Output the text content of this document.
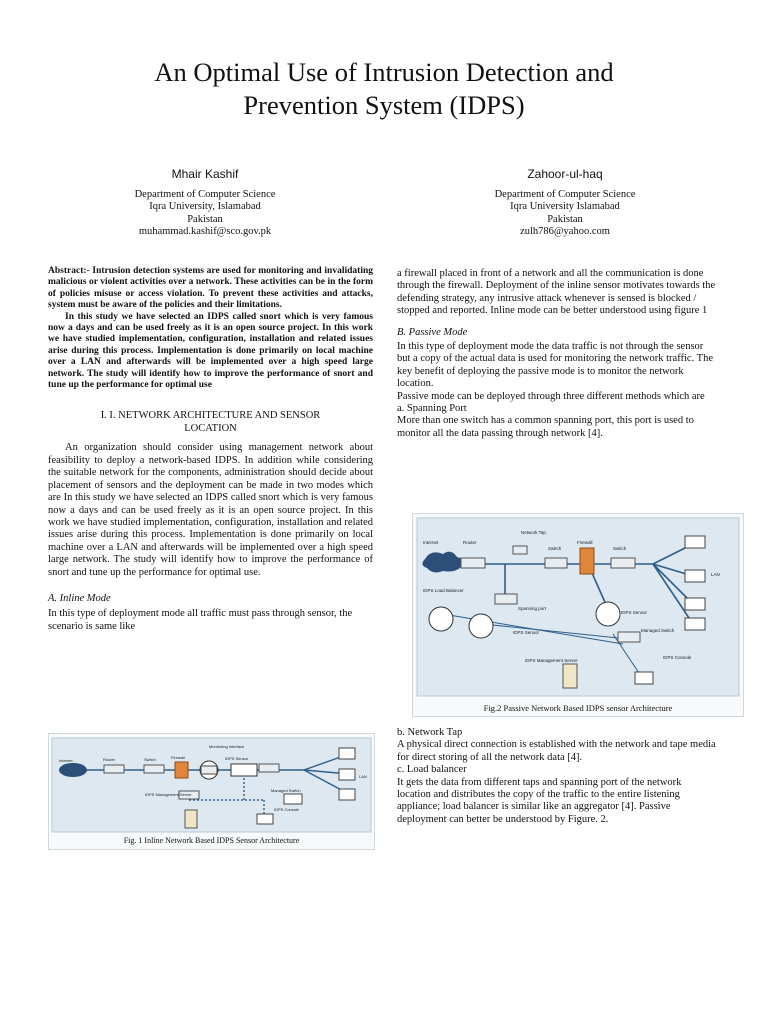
An Optimal Use of Intrusion Detection and
Prevention System (IDPS)
Mhair Kashif
Department of Computer Science
Iqra University, Islamabad
Pakistan
muhammad.kashif@sco.gov.pk
Zahoor-ul-haq
Department of Computer Science
Iqra University Islamabad
Pakistan
zulh786@yahoo.com

Abstract:- Intrusion detection systems are used for monitoring and invalidating malicious or violent activities over a network. These activities can be in the form of policies misuse or access violation. To prevent these activities and attacks, system must be aware of the policies and their limitations.

In this study we have selected an IDPS called snort which is very famous now a days and can be used freely as it is an open source project. In this work we have studied implementation, configuration, installation and related issues arise during this process. Implementation is done primarily on local machine over a LAN and afterwards will be implemented over a high speed large network. The study will identify how to improve the performance of snort and tune up the performance for optimal use

I. I. NETWORK ARCHITECTURE AND SENSOR
LOCATION

An organization should consider using management network about feasibility to deploy a network-based IDPS. In addition while considering the suitable network for the components, administration should decide about placement of sensors and the deployment can be made in two modes which are In this study we have selected an IDPS called snort which is very famous now a days and can be used freely as it is an open source project. In this work we have studied implementation, configuration, installation and related issues arise during this process. Implementation is done primarily on local machine over a LAN and afterwards will be implemented over a high speed large network. The study will identify how to improve the performance of snort and tune up the performance for optimal use.

A. Inline Mode

In this type of deployment mode all traffic must pass through sensor, the scenario is same like

Internet	Router	Switch	Firewall	IDPS Sensor
Monitoring Interface
LAN
IDPS Management Server
IDPS Console
Managed Switch
Fig. 1 Inline Network Based IDPS Sensor Architecture

a firewall placed in front of a network and all the communication is done through the firewall. Deployment of the inline sensor motivates towards the defending strategy, any intrusive attack whenever is sensed is blocked / stopped and reported. Inline mode can be better understood using figure 1

B. Passive Mode

In this type of deployment mode the data traffic is not through the sensor but a copy of the actual data is used for monitoring the network traffic. The key benefit of deploying the passive mode is to monitor the network location.

Passive mode can be deployed through three different methods which are

a. Spanning Port

More than one switch has a common spanning port, this port is used to monitor all the data passing through network [4].

Internet	Router
Network Tap
Switch
Firewall
Switch
LAN
IDPS Load Balancer
Spanning port
IDPS Sensor
IDPS Sensor
Managed Switch
IDPS Console
IDPS Management Server
Fig.2 Passive Network Based IDPS sensor Architecture

b. Network Tap

A physical direct connection is established with the network and tape media for direct storing of all the network data [4].

c. Load balancer

It gets the data from different taps and spanning port of the network location and distributes the copy of the traffic to the entire listening appliance; load balancer is similar like an aggregator [4]. Passive deployment can better be understood by Figure. 2.
